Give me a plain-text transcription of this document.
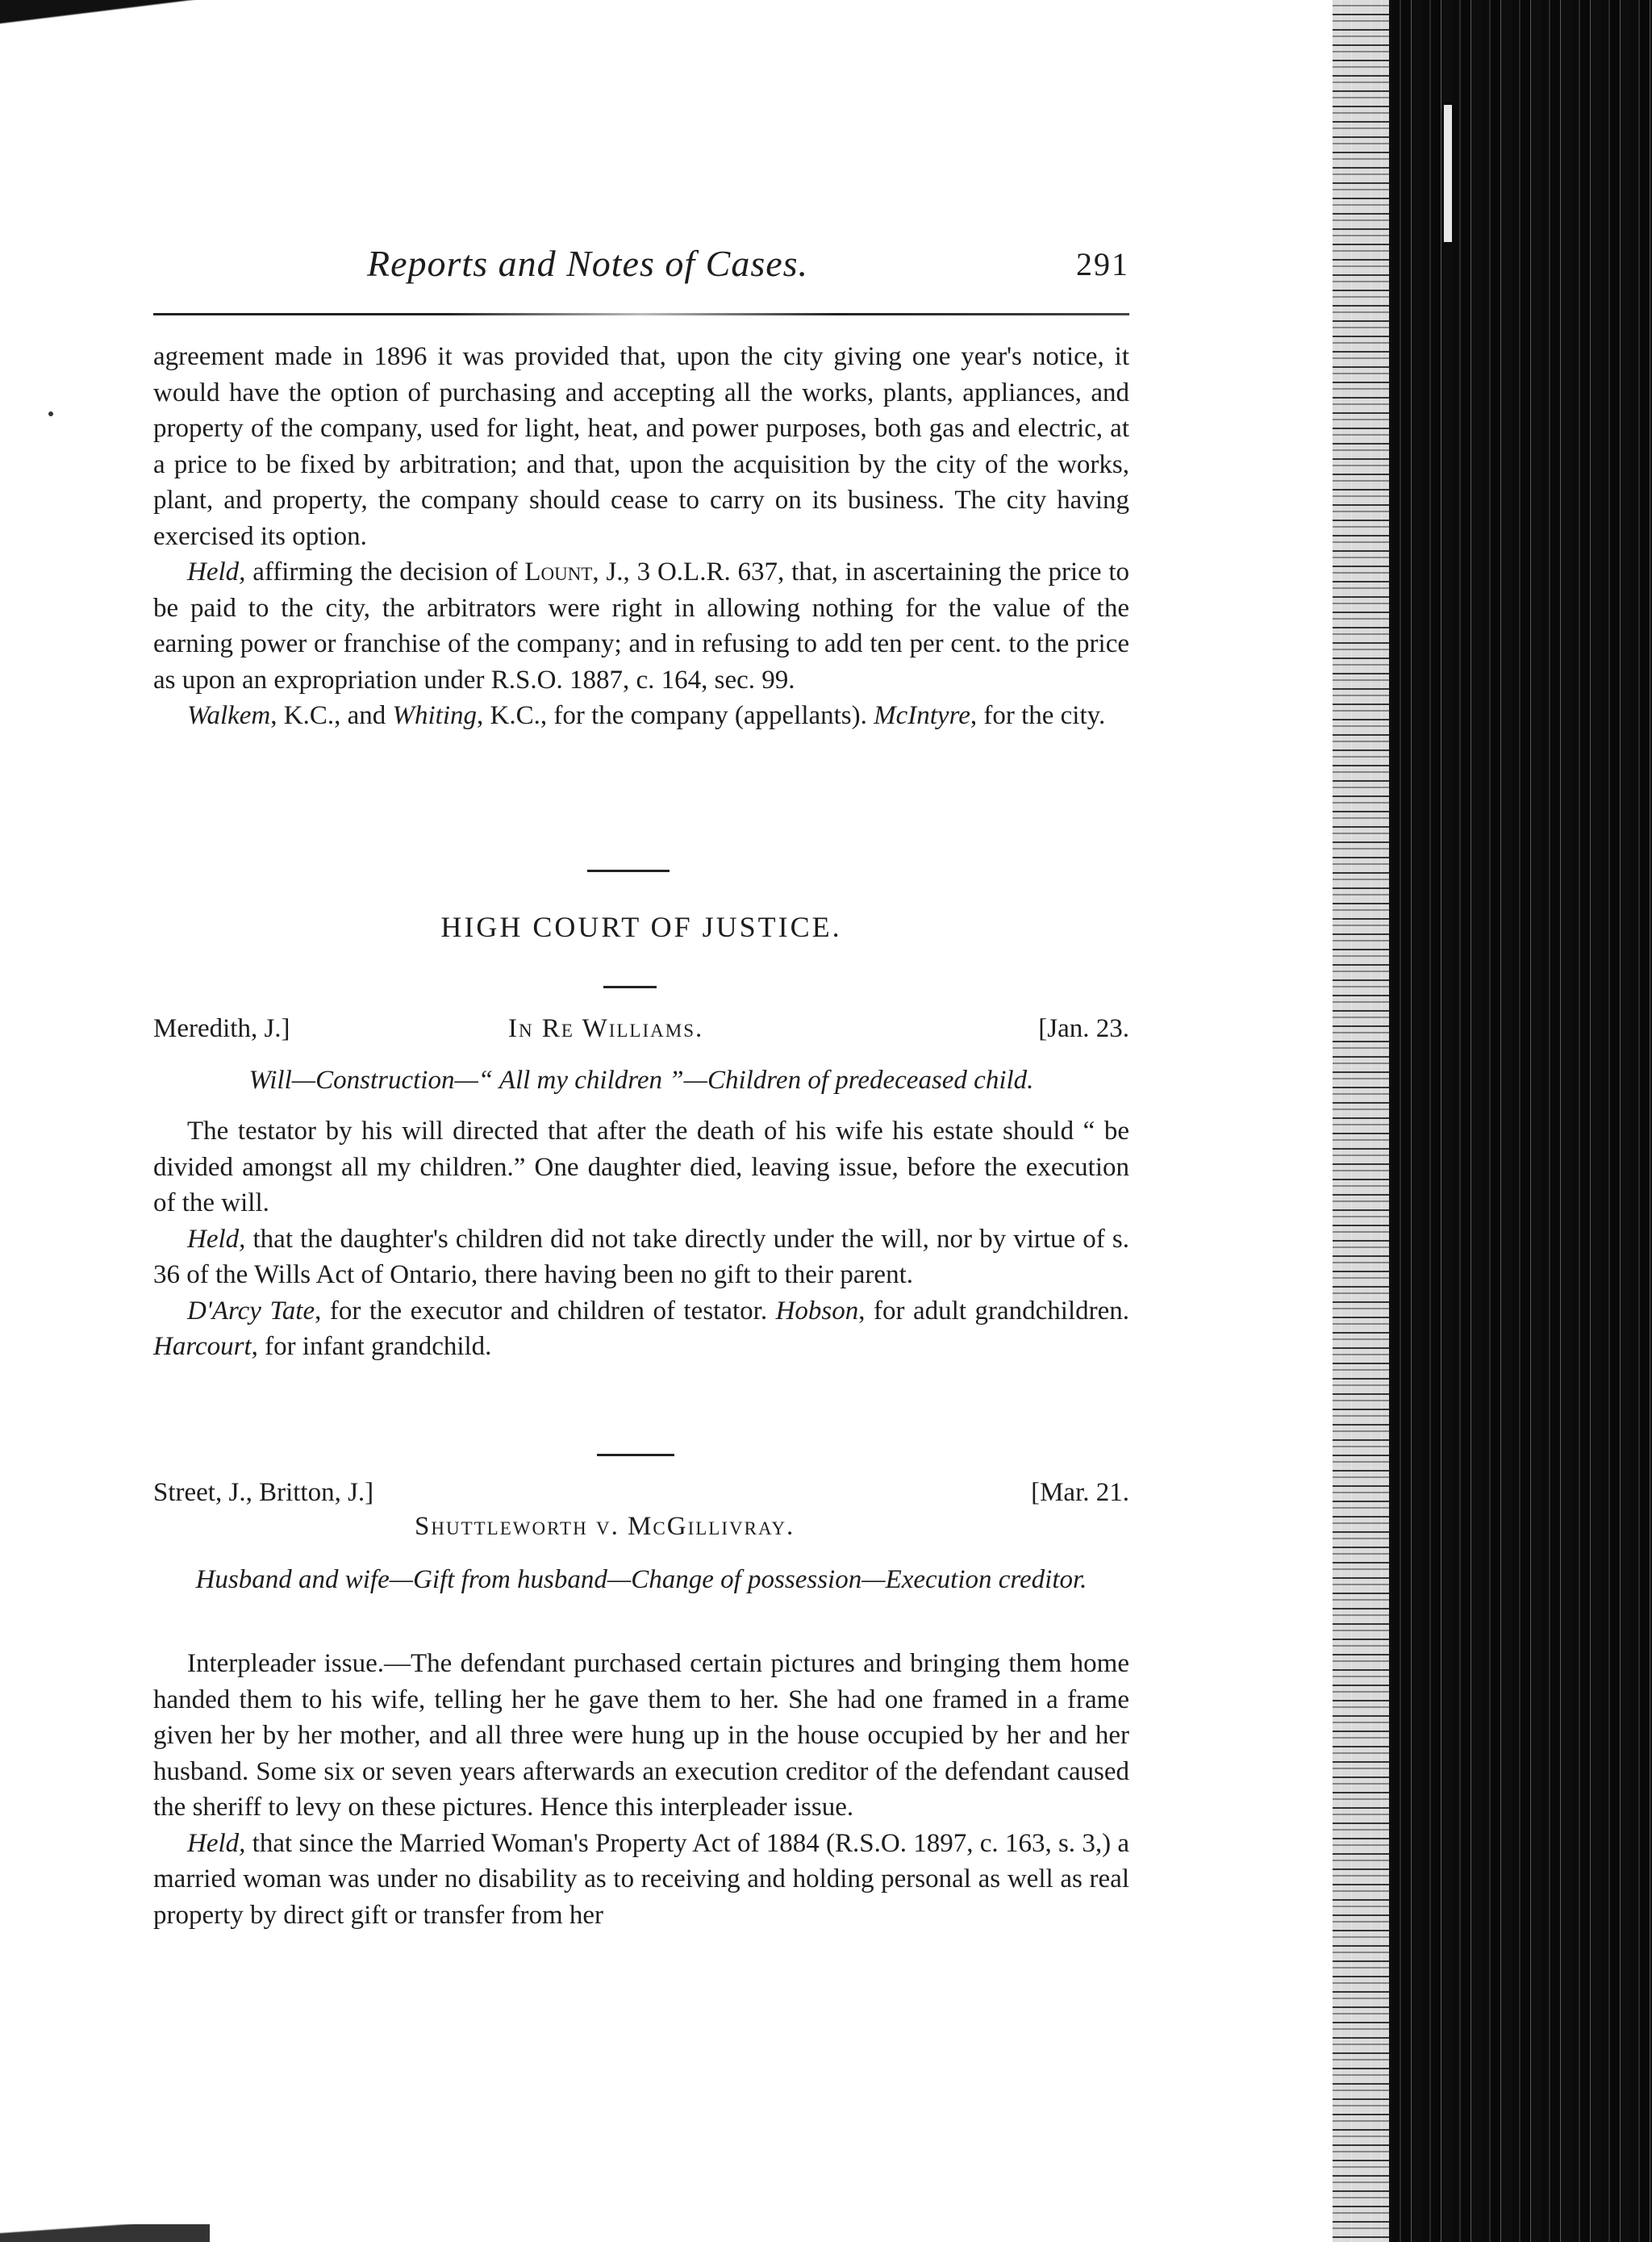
Reports and Notes of Cases.	291

agreement made in 1896 it was provided that, upon the city giving one year's notice, it would have the option of purchasing and accepting all the works, plants, appliances, and property of the company, used for light, heat, and power purposes, both gas and electric, at a price to be fixed by arbitration; and that, upon the acquisition by the city of the works, plant, and property, the company should cease to carry on its business. The city having exercised its option.

Held, affirming the decision of Lount, J., 3 O.L.R. 637, that, in ascertaining the price to be paid to the city, the arbitrators were right in allowing nothing for the value of the earning power or franchise of the company; and in refusing to add ten per cent. to the price as upon an expropriation under R.S.O. 1887, c. 164, sec. 99.

Walkem, K.C., and Whiting, K.C., for the company (appellants). McIntyre, for the city.

HIGH COURT OF JUSTICE.
Meredith, J.]	In Re Williams.	[Jan. 23.
Will—Construction—“ All my children ”—Children of predeceased child.

The testator by his will directed that after the death of his wife his estate should “ be divided amongst all my children.” One daughter died, leaving issue, before the execution of the will.

Held, that the daughter's children did not take directly under the will, nor by virtue of s. 36 of the Wills Act of Ontario, there having been no gift to their parent.

D'Arcy Tate, for the executor and children of testator. Hobson, for adult grandchildren. Harcourt, for infant grandchild.

Street, J., Britton, J.]	[Mar. 21.
Shuttleworth v. McGillivray.
Husband and wife—Gift from husband—Change of possession—Execution creditor.

Interpleader issue.—The defendant purchased certain pictures and bringing them home handed them to his wife, telling her he gave them to her. She had one framed in a frame given her by her mother, and all three were hung up in the house occupied by her and her husband. Some six or seven years afterwards an execution creditor of the defendant caused the sheriff to levy on these pictures. Hence this interpleader issue.

Held, that since the Married Woman's Property Act of 1884 (R.S.O. 1897, c. 163, s. 3,) a married woman was under no disability as to receiving and holding personal as well as real property by direct gift or transfer from her
